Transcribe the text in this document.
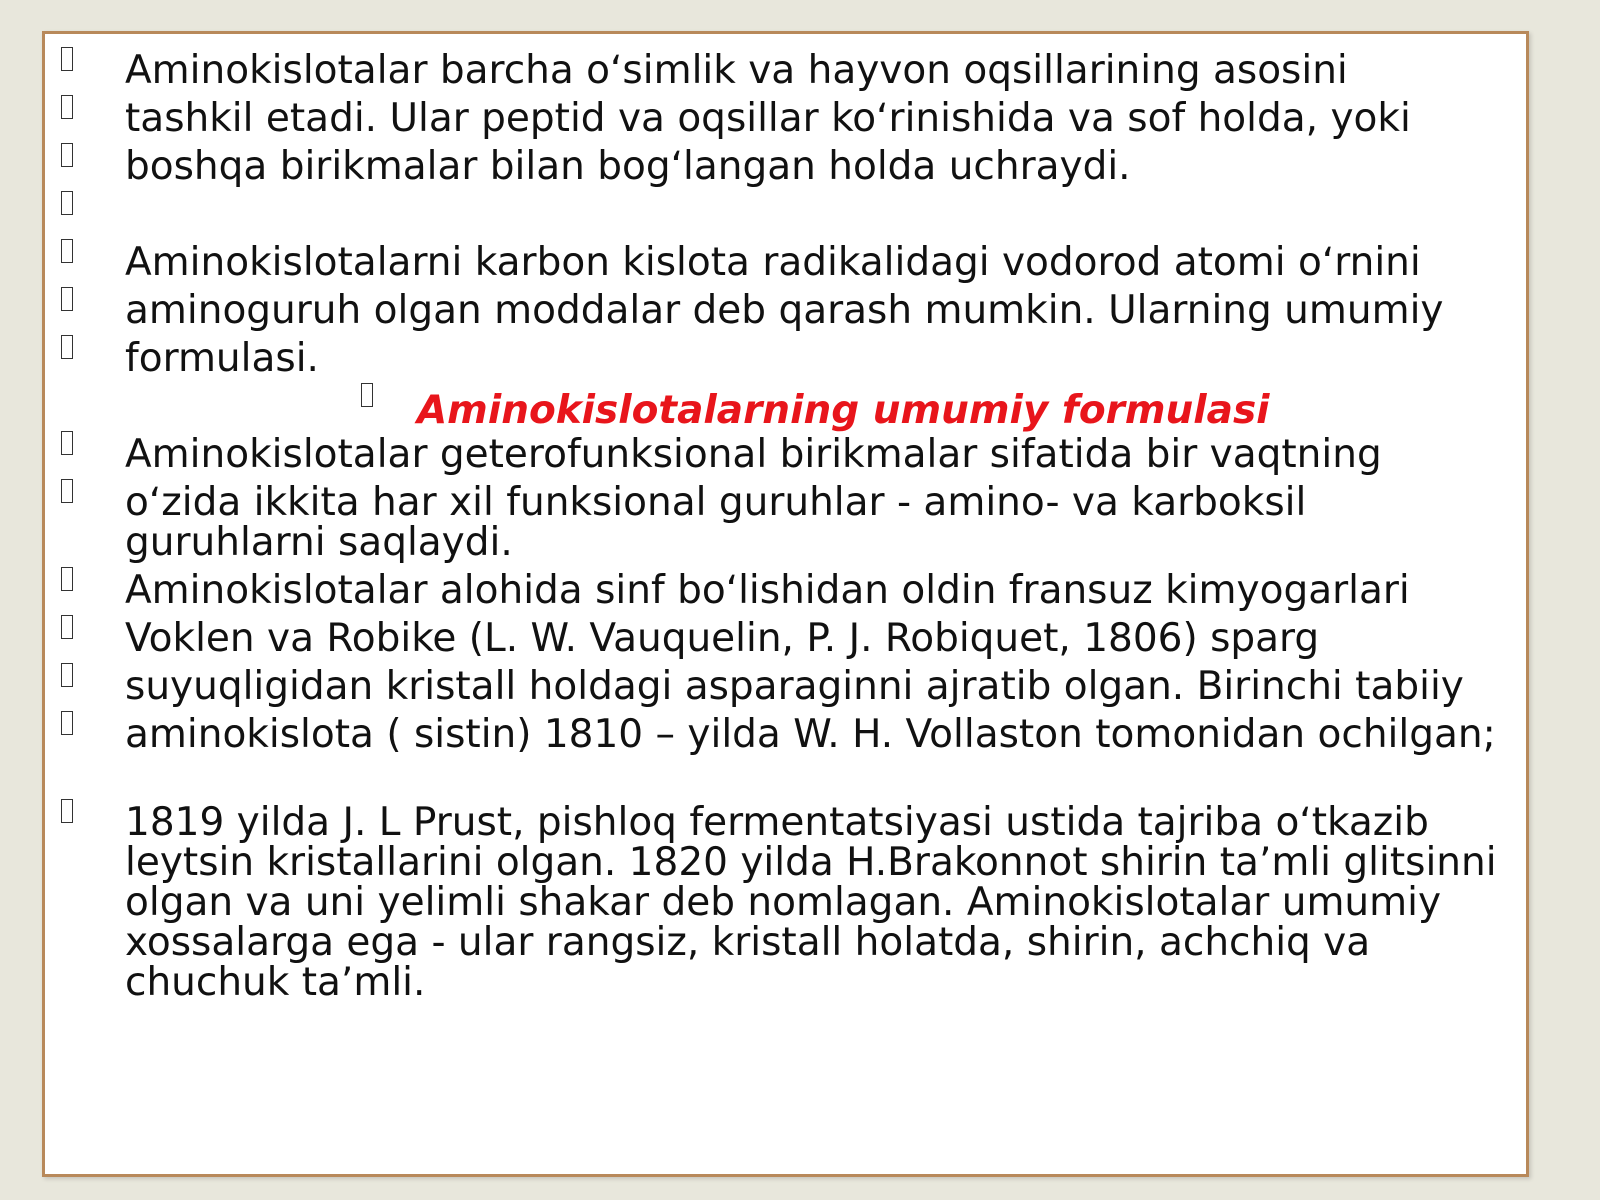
Aminokislotalar barcha o‘simlik va hayvon oqsillarining asosini
tashkil etadi. Ular peptid va oqsillar ko‘rinishida va sof holda, yoki
boshqa birikmalar bilan bog‘langan holda uchraydi.
Aminokislotalarni karbon kislota radikalidagi vodorod atomi o‘rnini
aminoguruh olgan moddalar deb qarash mumkin. Ularning umumiy
formulasi.
Aminokislotalarning umumiy formulasi
Aminokislotalar geterofunksional birikmalar sifatida bir vaqtning
o‘zida ikkita har xil funksional guruhlar - amino- va karboksil
guruhlarni saqlaydi.
Aminokislotalar alohida sinf bo‘lishidan oldin fransuz kimyogarlari
Voklen va Robike (L. W. Vauquelin, P. J. Robiquet, 1806) sparg
suyuqligidan kristall holdagi asparaginni ajratib olgan. Birinchi tabiiy
aminokislota ( sistin) 1810 – yilda W. H. Vollaston tomonidan ochilgan;
1819 yilda J. L Prust, pishloq fermentatsiyasi ustida tajriba o‘tkazib
leytsin kristallarini olgan. 1820 yilda H.Brakonnot shirin ta’mli glitsinni
olgan va uni yelimli shakar deb nomlagan. Aminokislotalar umumiy
xossalarga ega - ular rangsiz, kristall holatda, shirin, achchiq va
chuchuk ta’mli.
